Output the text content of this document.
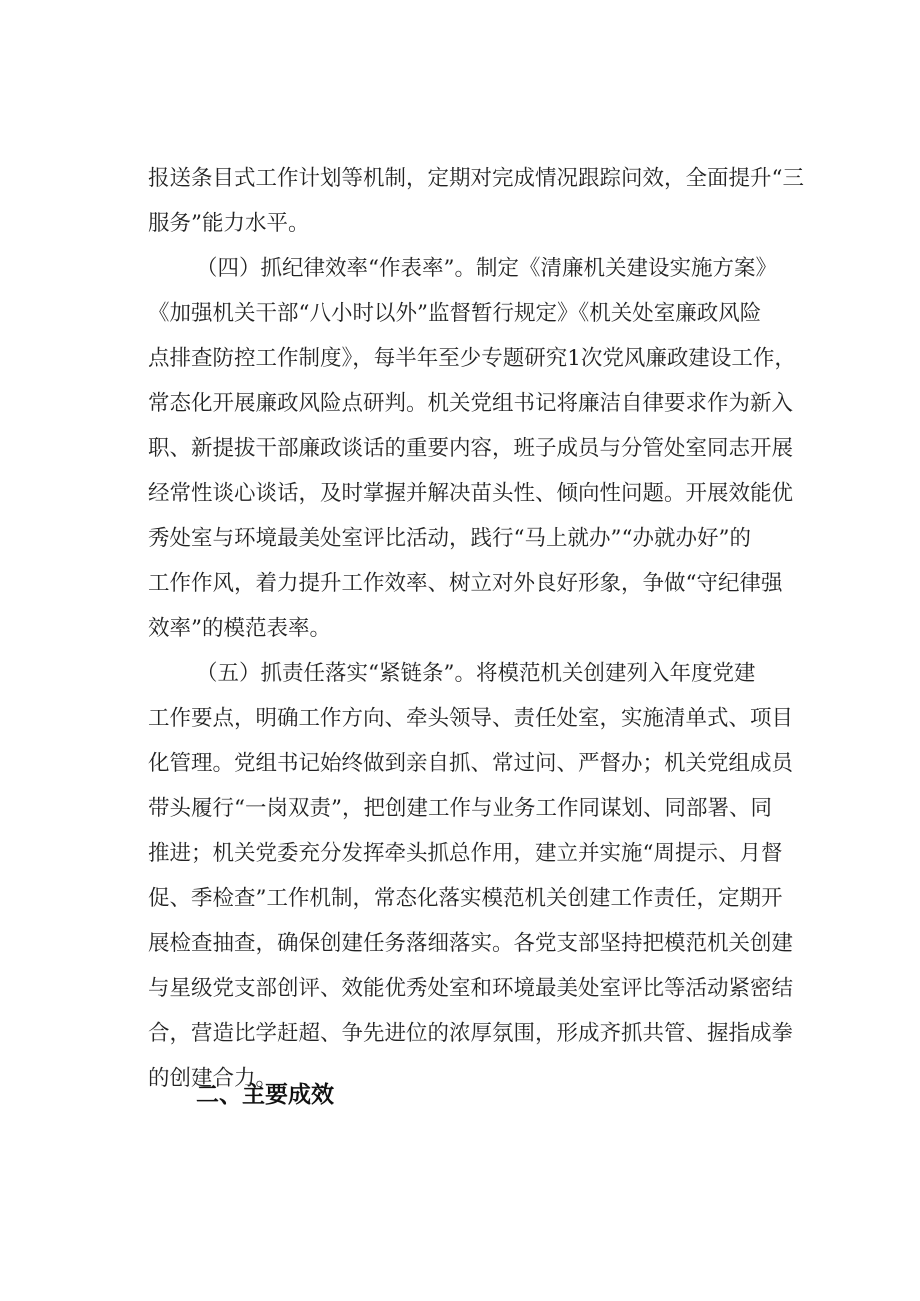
报送条目式工作计划等机制，定期对完成情况跟踪问效，全面提升“三
服务”能力水平。
（四）抓纪律效率“作表率”。制定《清廉机关建设实施方案》
《加强机关干部“八小时以外”监督暂行规定》《机关处室廉政风险
点排查防控工作制度》，每半年至少专题研究1次党风廉政建设工作，
常态化开展廉政风险点研判。机关党组书记将廉洁自律要求作为新入
职、新提拔干部廉政谈话的重要内容，班子成员与分管处室同志开展
经常性谈心谈话，及时掌握并解决苗头性、倾向性问题。开展效能优
秀处室与环境最美处室评比活动，践行“马上就办”“办就办好”的
工作作风，着力提升工作效率、树立对外良好形象，争做“守纪律强
效率”的模范表率。
（五）抓责任落实“紧链条”。将模范机关创建列入年度党建
工作要点，明确工作方向、牵头领导、责任处室，实施清单式、项目
化管理。党组书记始终做到亲自抓、常过问、严督办；机关党组成员
带头履行“一岗双责”，把创建工作与业务工作同谋划、同部署、同
推进；机关党委充分发挥牵头抓总作用，建立并实施“周提示、月督
促、季检查”工作机制，常态化落实模范机关创建工作责任，定期开
展检查抽查，确保创建任务落细落实。各党支部坚持把模范机关创建
与星级党支部创评、效能优秀处室和环境最美处室评比等活动紧密结
合，营造比学赶超、争先进位的浓厚氛围，形成齐抓共管、握指成拳
的创建合力。
二、主要成效
